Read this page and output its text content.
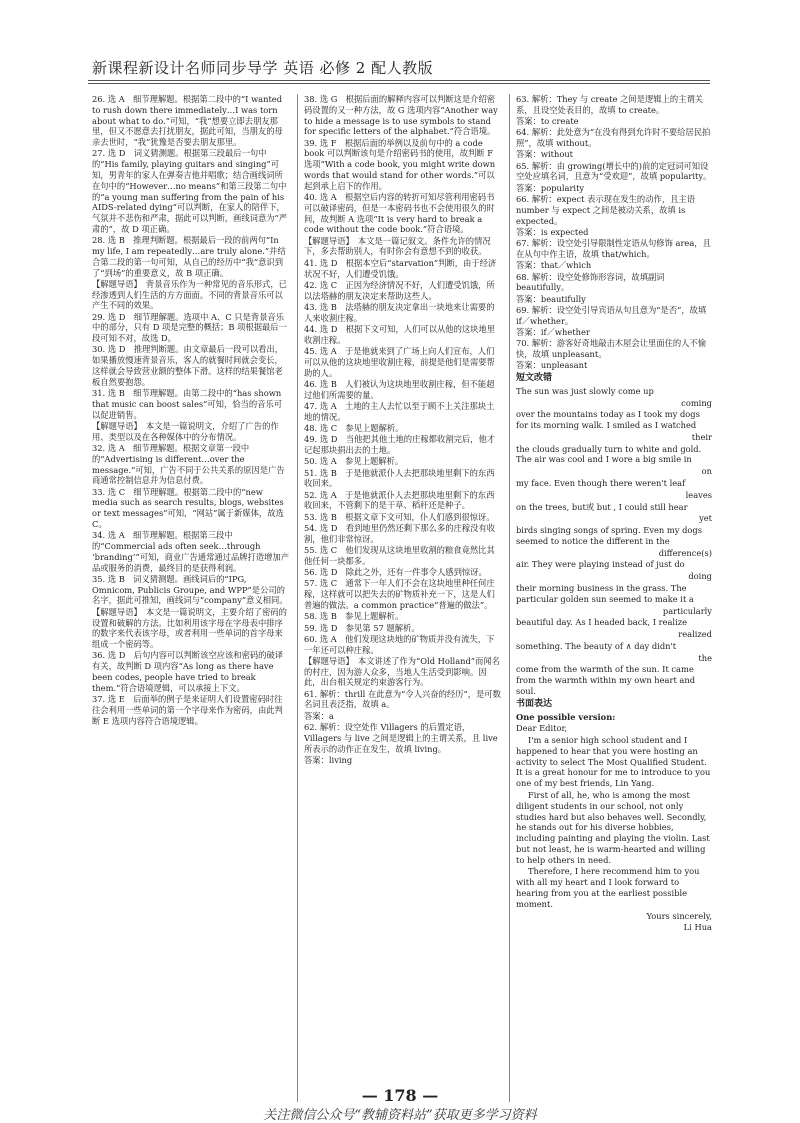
新课程新设计名师同步导学 英语 必修 2 配人教版
26. 选 A　细节理解题。根据第二段中的“I wanted to rush down there immediately…I was torn about what to do.”可知，“我”想要立即去朋友那里，但又不愿意去打扰朋友，据此可知，当朋友的母亲去世时，“我”犹豫是否要去朋友那里。
27. 选 D　词义猜测题。根据第三段最后一句中的“His family, playing guitars and singing”可知，男青年的家人在弹奏吉他并唱歌；结合画线词所在句中的“However…no means”和第三段第二句中的“a young man suffering from the pain of his AIDS-related dying”可以判断，在家人的陪伴下，气氛并不悲伤和严肃，据此可以判断，画线词意为“严肃的”，故 D 项正确。
28. 选 B　推理判断题。根据最后一段的前两句“In my life, I am repeatedly…are truly alone.”并结合第二段的第一句可知，从自己的经历中“我”意识到了“到场”的重要意义，故 B 项正确。
【解题导语】　背景音乐作为一种常见的音乐形式，已经渗透到人们生活的方方面面。不同的背景音乐可以产生不同的效果。
29. 选 D　细节理解题。选项中 A、C 只是背景音乐中的部分，只有 D 项是完整的概括；B 项根据最后一段可知不对，故选 D。
30. 选 D　推理判断题。由文章最后一段可以看出，如果播放慢速背景音乐，客人的就餐时间就会变长，这样就会导致营业额的整体下滑。这样的结果餐馆老板自然要抱怨。
31. 选 B　细节理解题。由第二段中的“has shown that music can boost sales”可知，恰当的音乐可以促进销售。
【解题导语】　本文是一篇说明文，介绍了广告的作用、类型以及在各种媒体中的分布情况。
32. 选 A　细节理解题。根据文章第一段中的“Advertising is different…over the message.”可知，广告不同于公共关系的原因是广告商通常控制信息并为信息付费。
33. 选 C　细节理解题。根据第二段中的“new media such as search results, blogs, websites or text messages”可知，“网站”属于新媒体，故选 C。
34. 选 A　细节理解题。根据第三段中的“Commercial ads often seek…through ‘branding’”可知，商业广告通常通过品牌打造增加产品或服务的消费，最终目的是获得利润。
35. 选 B　词义猜测题。画线词后的“IPG, Omnicom, Publicis Groupe, and WPP”是公司的名字，据此可推知，画线词与“company”意义相同。
【解题导语】　本文是一篇说明文，主要介绍了密码的设置和破解的方法。比如利用该字母在字母表中排序的数字来代表该字母，或者利用一些单词的首字母来组成一个密码等。
36. 选 D　后句内容可以判断该空应该和密码的破译有关，故判断 D 项内容“As long as there have been codes, people have tried to break them.”符合语境逻辑，可以承接上下文。
37. 选 E　后面举的例子是来证明人们设置密码时往往会利用一些单词的第一个字母来作为密码，由此判断 E 选项内容符合语境逻辑。
38. 选 G　根据后面的解释内容可以判断这是介绍密码设置的又一种方法，故 G 选项内容“Another way to hide a message is to use symbols to stand for specific letters of the alphabet.”符合语境。
39. 选 F　根据后面的举例以及前句中的 a code book 可以判断该句是介绍密码书的使用，故判断 F 选项“With a code book, you might write down words that would stand for other words.”可以起到承上启下的作用。
40. 选 A　根据空后内容的转折可知尽管利用密码书可以破译密码，但是一本密码书也不会使用很久的时间，故判断 A 选项“It is very hard to break a code without the code book.”符合语境。
【解题导语】　本文是一篇记叙文。条件允许的情况下，多去帮助别人，有时你会有意想不到的收获。
41. 选 D　根据本空后“starvation”判断，由于经济状况不好，人们遭受饥饿。
42. 选 C　正因为经济情况不好，人们遭受饥饿，所以法塔赫的朋友决定来帮助这些人。
43. 选 B　法塔赫的朋友决定拿出一块地来让需要的人来收割庄稼。
44. 选 D　根据下文可知，人们可以从他的这块地里收割庄稼。
45. 选 A　于是他就来到了广场上向人们宣布，人们可以从他的这块地里收割庄稼，前提是他们是需要帮助的人。
46. 选 B　人们被认为这块地里收割庄稼，但不能超过他们所需要的量。
47. 选 A　土地的主人去忙以至于顾不上关注那块土地的情况。
48. 选 C　参见上题解析。
49. 选 D　当他把其他土地的庄稼都收割完后，他才记起那块捐出去的土地。
50. 选 A　参见上题解析。
51. 选 B　于是他就派仆人去把那块地里剩下的东西收回来。
52. 选 A　于是他就派仆人去把那块地里剩下的东西收回来，不管剩下的是干草、稻秆还是种子。
53. 选 B　根据文章下文可知，仆人们感到很惊讶。
54. 选 D　看到地里仍然还剩下那么多的庄稼没有收割，他们非常惊讶。
55. 选 C　他们发现从这块地里收割的粮食竟然比其他任何一块都多。
56. 选 D　除此之外，还有一件事令人感到惊讶。
57. 选 C　通常下一年人们不会在这块地里种任何庄稼，这样就可以把失去的矿物质补充一下，这是人们普遍的做法。a common practice“普遍的做法”。
58. 选 B　参见上题解析。
59. 选 D　参见第 57 题解析。
60. 选 A　他们发现这块地的矿物质并没有流失，下一年还可以种庄稼。
【解题导语】　本文讲述了作为“Old Holland”而闻名的村庄，因为游人众多，当地人生活受到影响。因此，出台相关规定约束游客行为。
61. 解析：thrill 在此意为“令人兴奋的经历”，是可数名词且表泛指，故填 a。
答案：a
62. 解析：设空处作 Villagers 的后置定语，Villagers 与 live 之间是逻辑上的主谓关系，且 live 所表示的动作正在发生，故填 living。
答案：living
63. 解析：They 与 create 之间是逻辑上的主谓关系，且设空处表目的，故填 to create。
答案：to create
64. 解析：此处意为“在没有得到允许时不要给居民拍照”，故填 without。
答案：without
65. 解析：由 growing(增长中的)前的定冠词可知设空处应填名词，且意为“受欢迎”，故填 popularity。
答案：popularity
66. 解析：expect 表示现在发生的动作，且主语 number 与 expect 之间是被动关系，故填 is expected。
答案：is expected
67. 解析：设空处引导限制性定语从句修饰 area，且在从句中作主语，故填 that/which。
答案：that／which
68. 解析：设空处修饰形容词，故填副词 beautifully。
答案：beautifully
69. 解析：设空处引导宾语从句且意为“是否”，故填 if／whether。
答案：if／whether
70. 解析：游客好奇地敲击木屋会让里面住的人不愉快，故填 unpleasant。
答案：unpleasant
短文改错
The sun was just slowly come up
coming
over the mountains today as I took my dogs for its morning walk. I smiled as I watched
their
the clouds gradually turn to white and gold. The air was cool and I wore a big smile in
on
my face. Even though there weren't leaf
leaves
on the trees, but或 but , I could still hear
yet
birds singing songs of spring. Even my dogs seemed to notice the different in the
difference(s)
air. They were playing instead of just do
doing
their morning business in the grass. The particular golden sun seemed to make it a
particularly
beautiful day. As I headed back, I realize
realized
something. The beauty of ∧ day didn't
the
come from the warmth of the sun. It came from the warmth within my own heart and soul.
书面表达

One possible version:

Dear Editor,

I'm a senior high school student and I happened to hear that you were hosting an activity to select The Most Qualified Student. It is a great honour for me to introduce to you one of my best friends, Lin Yang.

First of all, he, who is among the most diligent students in our school, not only studies hard but also behaves well. Secondly, he stands out for his diverse hobbies, including painting and playing the violin. Last but not least, he is warm-hearted and willing to help others in need.

Therefore, I here recommend him to you with all my heart and I look forward to hearing from you at the earliest possible moment.

Yours sincerely,

Li Hua

— 178 —
关注微信公众号“教辅资料站”获取更多学习资料
